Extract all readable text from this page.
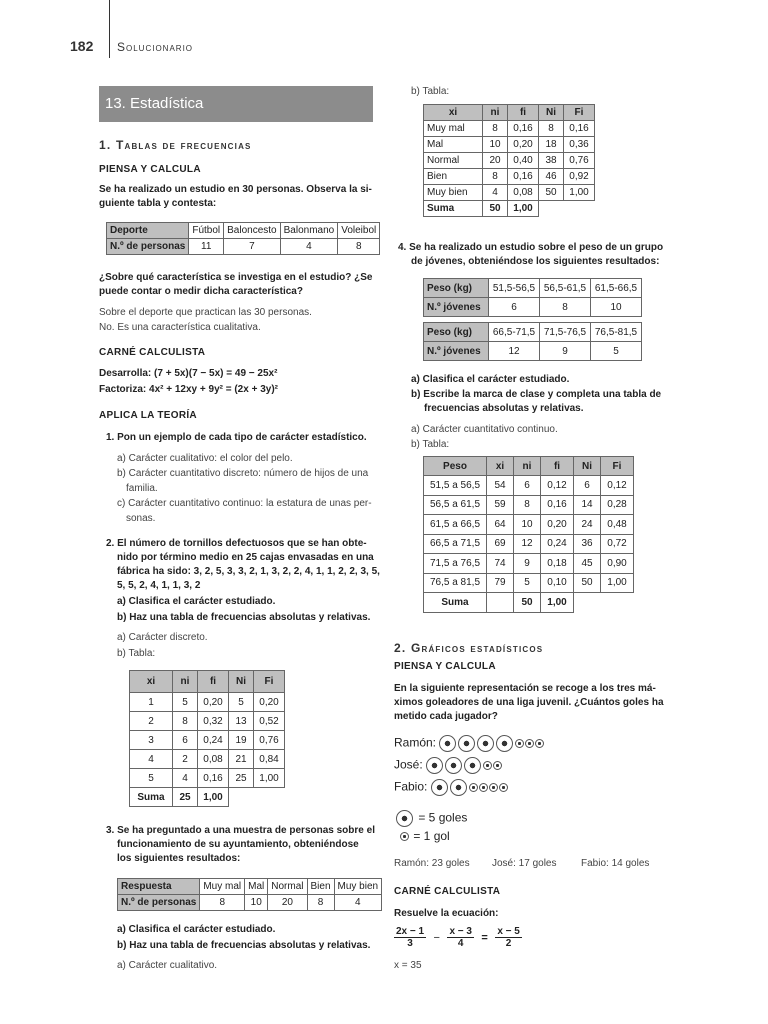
182 Solucionario
13. Estadística
1. Tablas de frecuencias
PIENSA Y CALCULA
Se ha realizado un estudio en 30 personas. Observa la si-
guiente tabla y contesta:
Deporte	Fútbol	Baloncesto	Balonmano	Voleibol
N.º de personas	11	7	4	8
¿Sobre qué característica se investiga en el estudio? ¿Se
puede contar o medir dicha característica?
Sobre el deporte que practican las 30 personas.
No. Es una característica cualitativa.
CARNÉ CALCULISTA
Desarrolla: (7 + 5x)(7 − 5x) = 49 − 25x²
Factoriza: 4x² + 12xy + 9y² = (2x + 3y)²
APLICA LA TEORÍA
1. Pon un ejemplo de cada tipo de carácter estadístico.
a) Carácter cualitativo: el color del pelo.
b) Carácter cuantitativo discreto: número de hijos de una
familia.
c) Carácter cuantitativo continuo: la estatura de unas per-
sonas.
2. El número de tornillos defectuosos que se han obte-
nido por término medio en 25 cajas envasadas en una
fábrica ha sido: 3, 2, 5, 3, 3, 2, 1, 3, 2, 2, 4, 1, 1, 2, 2, 3, 5,
5, 5, 2, 4, 1, 1, 3, 2
a) Clasifica el carácter estudiado.
b) Haz una tabla de frecuencias absolutas y relativas.
a) Carácter discreto.
b) Tabla:
xi	ni	fi	Ni	Fi
1	5	0,20	5	0,20
2	8	0,32	13	0,52
3	6	0,24	19	0,76
4	2	0,08	21	0,84
5	4	0,16	25	1,00
Suma	25	1,00		
3. Se ha preguntado a una muestra de personas sobre el
funcionamiento de su ayuntamiento, obteniéndose
los siguientes resultados:
Respuesta	Muy mal	Mal	Normal	Bien	Muy bien
N.º de personas	8	10	20	8	4
a) Clasifica el carácter estudiado.
b) Haz una tabla de frecuencias absolutas y relativas.
a) Carácter cualitativo.
b) Tabla:
xi	ni	fi	Ni	Fi
Muy mal	8	0,16	8	0,16
Mal	10	0,20	18	0,36
Normal	20	0,40	38	0,76
Bien	8	0,16	46	0,92
Muy bien	4	0,08	50	1,00
Suma	50	1,00		
4. Se ha realizado un estudio sobre el peso de un grupo
de jóvenes, obteniéndose los siguientes resultados:
Peso (kg)	51,5-56,5	56,5-61,5	61,5-66,5
N.º jóvenes	6	8	10
Peso (kg)	66,5-71,5	71,5-76,5	76,5-81,5
N.º jóvenes	12	9	5
a) Clasifica el carácter estudiado.
b) Escribe la marca de clase y completa una tabla de
frecuencias absolutas y relativas.
a) Carácter cuantitativo continuo.
b) Tabla:
Peso	xi	ni	fi	Ni	Fi
51,5 a 56,5	54	6	0,12	6	0,12
56,5 a 61,5	59	8	0,16	14	0,28
61,5 a 66,5	64	10	0,20	24	0,48
66,5 a 71,5	69	12	0,24	36	0,72
71,5 a 76,5	74	9	0,18	45	0,90
76,5 a 81,5	79	5	0,10	50	1,00
Suma		50	1,00		
2. Gráficos estadísticos
PIENSA Y CALCULA
En la siguiente representación se recoge a los tres má-
ximos goleadores de una liga juvenil. ¿Cuántos goles ha
metido cada jugador?
Ramón:
José:
Fabio:
= 5 goles
= 1 gol
Ramón: 23 goles José: 17 goles Fabio: 14 goles
CARNÉ CALCULISTA
Resuelve la ecuación:
$\frac{2x - 1}{3} - \frac{x - 3}{4} = \frac{x - 5}{2}$
x = 35
